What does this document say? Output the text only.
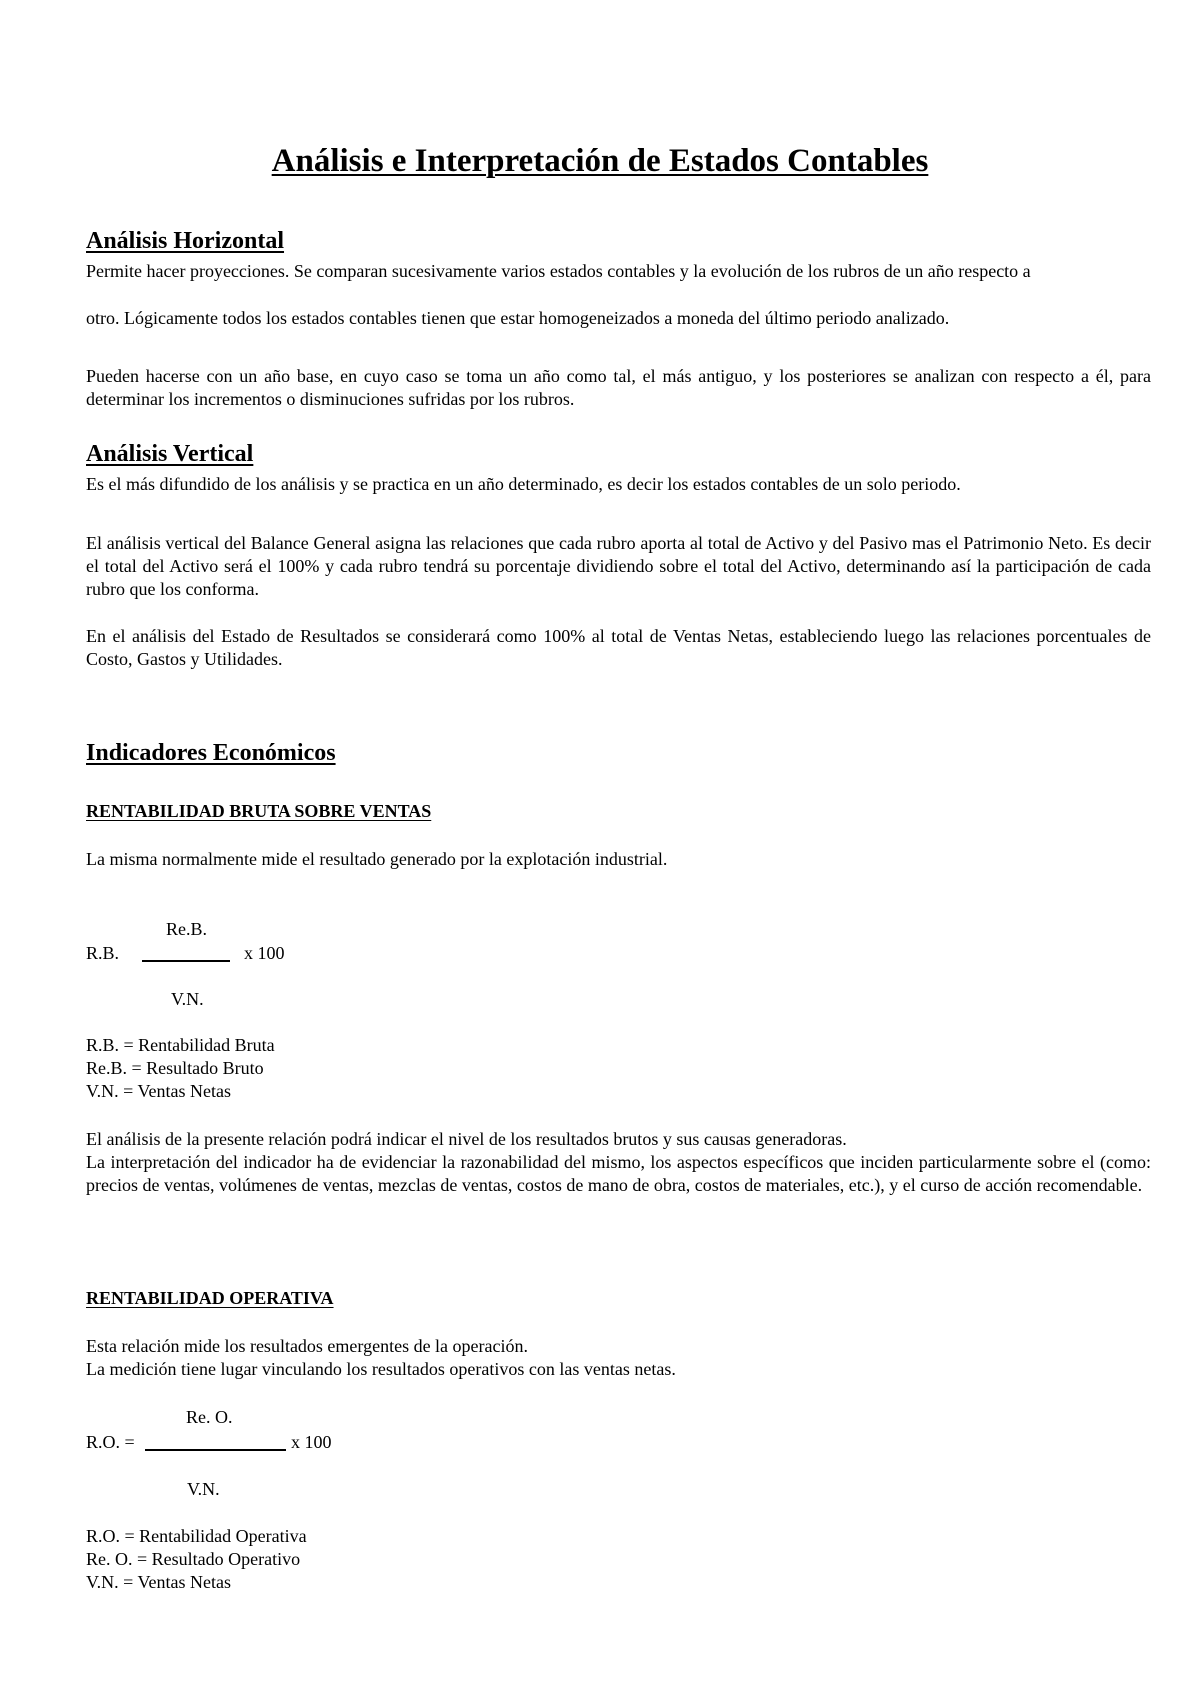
Análisis e Interpretación de Estados Contables
Análisis Horizontal

Permite hacer proyecciones. Se comparan sucesivamente varios estados contables y la evolución de los rubros de un año respecto a

otro. Lógicamente todos los estados contables tienen que estar homogeneizados a moneda del último periodo analizado.

Pueden hacerse con un año base, en cuyo caso se toma un año como tal, el más antiguo, y los posteriores se analizan con respecto a él, para determinar los incrementos o disminuciones sufridas por los rubros.

Análisis Vertical

Es el más difundido de los análisis y se practica en un año determinado, es decir los estados contables de un solo periodo.

El análisis vertical del Balance General asigna las relaciones que cada rubro aporta al total de Activo y del Pasivo mas el Patrimonio Neto. Es decir el total del Activo será el 100% y cada rubro tendrá su porcentaje dividiendo sobre el total del Activo, determinando así la participación de cada rubro que los conforma.

En el análisis del Estado de Resultados se considerará como 100% al total de Ventas Netas, estableciendo luego las relaciones porcentuales de Costo, Gastos y Utilidades.

Indicadores Económicos
RENTABILIDAD BRUTA SOBRE VENTAS

La misma normalmente mide el resultado generado por la explotación industrial.

Re.B.
R.B.	x 100
V.N.

R.B. = Rentabilidad Bruta

Re.B. = Resultado Bruto

V.N. = Ventas Netas

El análisis de la presente relación podrá indicar el nivel de los resultados brutos y sus causas generadoras.

La interpretación del indicador ha de evidenciar la razonabilidad del mismo, los aspectos específicos que inciden particularmente sobre el (como: precios de ventas, volúmenes de ventas, mezclas de ventas, costos de mano de obra, costos de materiales, etc.), y el curso de acción recomendable.

RENTABILIDAD OPERATIVA

Esta relación mide los resultados emergentes de la operación.

La medición tiene lugar vinculando los resultados operativos con las ventas netas.

Re. O.
R.O. =	x 100
V.N.

R.O. = Rentabilidad Operativa

Re. O. = Resultado Operativo

V.N. = Ventas Netas
